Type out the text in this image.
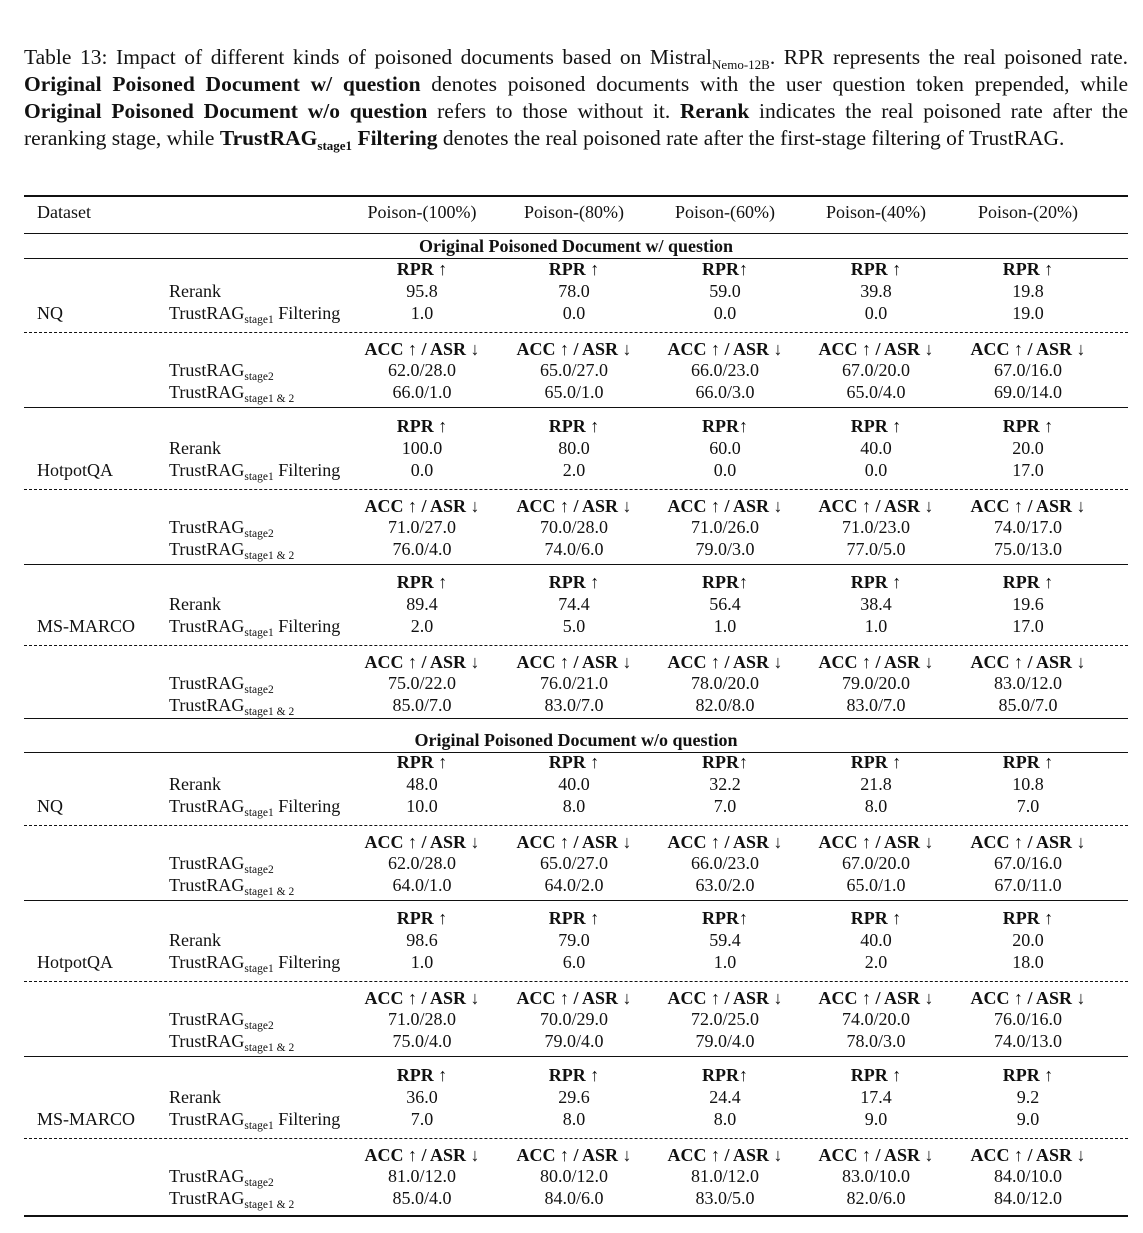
Table 13: Impact of different kinds of poisoned documents based on Mistral$_{Nemo-12B}$. RPR represents the real poisoned rate. Original Poisoned Document w/ question denotes poisoned documents with the user question token prepended, while Original Poisoned Document w/o question refers to those without it. Rerank indicates the real poisoned rate after the reranking stage, while TrustRAG$_{stage1}$ Filtering denotes the real poisoned rate after the first-stage filtering of TrustRAG.

Dataset	Poison-(100%)	Poison-(80%)	Poison-(60%)	Poison-(40%)	Poison-(20%)
Original Poisoned Document w/ question
RPR ↑	RPR ↑	RPR↑	RPR ↑	RPR ↑
Rerank	95.8	78.0	59.0	39.8	19.8
NQ	TrustRAG$_{stage1}$ Filtering	1.0	0.0	0.0	0.0	19.0
ACC ↑ / ASR ↓	ACC ↑ / ASR ↓	ACC ↑ / ASR ↓	ACC ↑ / ASR ↓	ACC ↑ / ASR ↓
TrustRAG$_{stage2}$	62.0/28.0	65.0/27.0	66.0/23.0	67.0/20.0	67.0/16.0
TrustRAG$_{stage1 \& 2}$	66.0/1.0	65.0/1.0	66.0/3.0	65.0/4.0	69.0/14.0
RPR ↑	RPR ↑	RPR↑	RPR ↑	RPR ↑
Rerank	100.0	80.0	60.0	40.0	20.0
HotpotQA	TrustRAG$_{stage1}$ Filtering	0.0	2.0	0.0	0.0	17.0
ACC ↑ / ASR ↓	ACC ↑ / ASR ↓	ACC ↑ / ASR ↓	ACC ↑ / ASR ↓	ACC ↑ / ASR ↓
TrustRAG$_{stage2}$	71.0/27.0	70.0/28.0	71.0/26.0	71.0/23.0	74.0/17.0
TrustRAG$_{stage1 \& 2}$	76.0/4.0	74.0/6.0	79.0/3.0	77.0/5.0	75.0/13.0
RPR ↑	RPR ↑	RPR↑	RPR ↑	RPR ↑
Rerank	89.4	74.4	56.4	38.4	19.6
MS-MARCO TrustRAG$_{stage1}$ Filtering	2.0	5.0	1.0	1.0	17.0
ACC ↑ / ASR ↓	ACC ↑ / ASR ↓	ACC ↑ / ASR ↓	ACC ↑ / ASR ↓	ACC ↑ / ASR ↓
TrustRAG$_{stage2}$	75.0/22.0	76.0/21.0	78.0/20.0	79.0/20.0	83.0/12.0
TrustRAG$_{stage1 \& 2}$	85.0/7.0	83.0/7.0	82.0/8.0	83.0/7.0	85.0/7.0
Original Poisoned Document w/o question
RPR ↑	RPR ↑	RPR↑	RPR ↑	RPR ↑
Rerank	48.0	40.0	32.2	21.8	10.8
NQ	TrustRAG$_{stage1}$ Filtering	10.0	8.0	7.0	8.0	7.0
ACC ↑ / ASR ↓	ACC ↑ / ASR ↓	ACC ↑ / ASR ↓	ACC ↑ / ASR ↓	ACC ↑ / ASR ↓
TrustRAG$_{stage2}$	62.0/28.0	65.0/27.0	66.0/23.0	67.0/20.0	67.0/16.0
TrustRAG$_{stage1 \& 2}$	64.0/1.0	64.0/2.0	63.0/2.0	65.0/1.0	67.0/11.0
RPR ↑	RPR ↑	RPR↑	RPR ↑	RPR ↑
Rerank	98.6	79.0	59.4	40.0	20.0
HotpotQA	TrustRAG$_{stage1}$ Filtering	1.0	6.0	1.0	2.0	18.0
ACC ↑ / ASR ↓	ACC ↑ / ASR ↓	ACC ↑ / ASR ↓	ACC ↑ / ASR ↓	ACC ↑ / ASR ↓
TrustRAG$_{stage2}$	71.0/28.0	70.0/29.0	72.0/25.0	74.0/20.0	76.0/16.0
TrustRAG$_{stage1 \& 2}$	75.0/4.0	79.0/4.0	79.0/4.0	78.0/3.0	74.0/13.0
RPR ↑	RPR ↑	RPR↑	RPR ↑	RPR ↑
Rerank	36.0	29.6	24.4	17.4	9.2
MS-MARCO TrustRAG$_{stage1}$ Filtering	7.0	8.0	8.0	9.0	9.0
ACC ↑ / ASR ↓	ACC ↑ / ASR ↓	ACC ↑ / ASR ↓	ACC ↑ / ASR ↓	ACC ↑ / ASR ↓
TrustRAG$_{stage2}$	81.0/12.0	80.0/12.0	81.0/12.0	83.0/10.0	84.0/10.0
TrustRAG$_{stage1 \& 2}$	85.0/4.0	84.0/6.0	83.0/5.0	82.0/6.0	84.0/12.0
